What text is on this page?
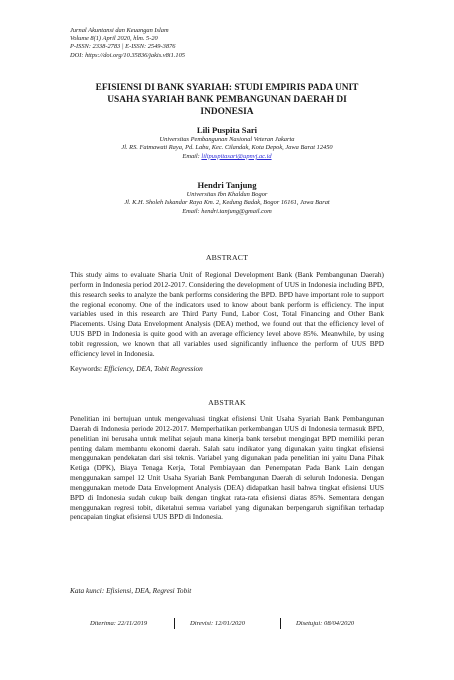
Jurnal Akuntansi dan Keuangan Islam
Volume 8(1) April 2020, hlm. 5-20
P-ISSN: 2338-2783 | E-ISSN: 2549-3876
DOI: https://doi.org/10.35836/jakis.v8i1.105
EFISIENSI DI BANK SYARIAH: STUDI EMPIRIS PADA UNIT
USAHA SYARIAH BANK PEMBANGUNAN DAERAH DI
INDONESIA
Lili Puspita Sari
Universitas Pembangunan Nasional Veteran Jakarta
Jl. RS. Fatmawati Raya, Pd. Labu, Kec. Cilandak, Kota Depok, Jawa Barat 12450
Email: lilipuspitasari@upnvj.ac.id
Hendri Tanjung
Universitas Ibn Khaldun Bogor
Jl. K.H. Sholeh Iskandar Raya Km. 2, Kedung Badak, Bogor 16161, Jawa Barat
Email: hendri.tanjung@gmail.com
ABSTRACT
This study aims to evaluate Sharia Unit of Regional Development Bank (Bank Pembangunan Daerah) perform in Indonesia period 2012-2017. Considering the development of UUS in Indonesia including BPD, this research seeks to analyze the bank performs considering the BPD. BPD have important role to support the regional economy. One of the indicators used to know about bank perform is efficiency. The input variables used in this research are Third Party Fund, Labor Cost, Total Financing and Other Bank Placements. Using Data Envelopment Analysis (DEA) method, we found out that the efficiency level of UUS BPD in Indonesia is quite good with an average efficiency level above 85%. Meanwhile, by using tobit regression, we known that all variables used significantly influence the perform of UUS BPD efficiency level in Indonesia.
Keywords: Efficiency, DEA, Tobit Regression
ABSTRAK
Penelitian ini bertujuan untuk mengevaluasi tingkat efisiensi Unit Usaha Syariah Bank Pembangunan Daerah di Indonesia periode 2012-2017. Memperhatikan perkembangan UUS di Indonesia termasuk BPD, penelitian ini berusaha untuk melihat sejauh mana kinerja bank tersebut mengingat BPD memiliki peran penting dalam membantu ekonomi daerah. Salah satu indikator yang digunakan yaitu tingkat efisiensi menggunakan pendekatan dari sisi teknis. Variabel yang digunakan pada penelitian ini yaitu Dana Pihak Ketiga (DPK), Biaya Tenaga Kerja, Total Pembiayaan dan Penempatan Pada Bank Lain dengan menggunakan sampel 12 Unit Usaha Syariah Bank Pembangunan Daerah di seluruh Indonesia. Dengan menggunakan metode Data Envelopment Analysis (DEA) didapatkan hasil bahwa tingkat efisiensi UUS BPD di Indonesia sudah cukup baik dengan tingkat rata-rata efisiensi diatas 85%. Sementara dengan menggunakan regresi tobit, diketahui semua variabel yang digunakan berpengaruh signifikan terhadap pencapaian tingkat efisiensi UUS BPD di Indonesia.
Kata kunci: Efisiensi, DEA, Regresi Tobit
Diterima: 22/11/2019	Direvisi: 12/01/2020	Disetujui: 08/04/2020
